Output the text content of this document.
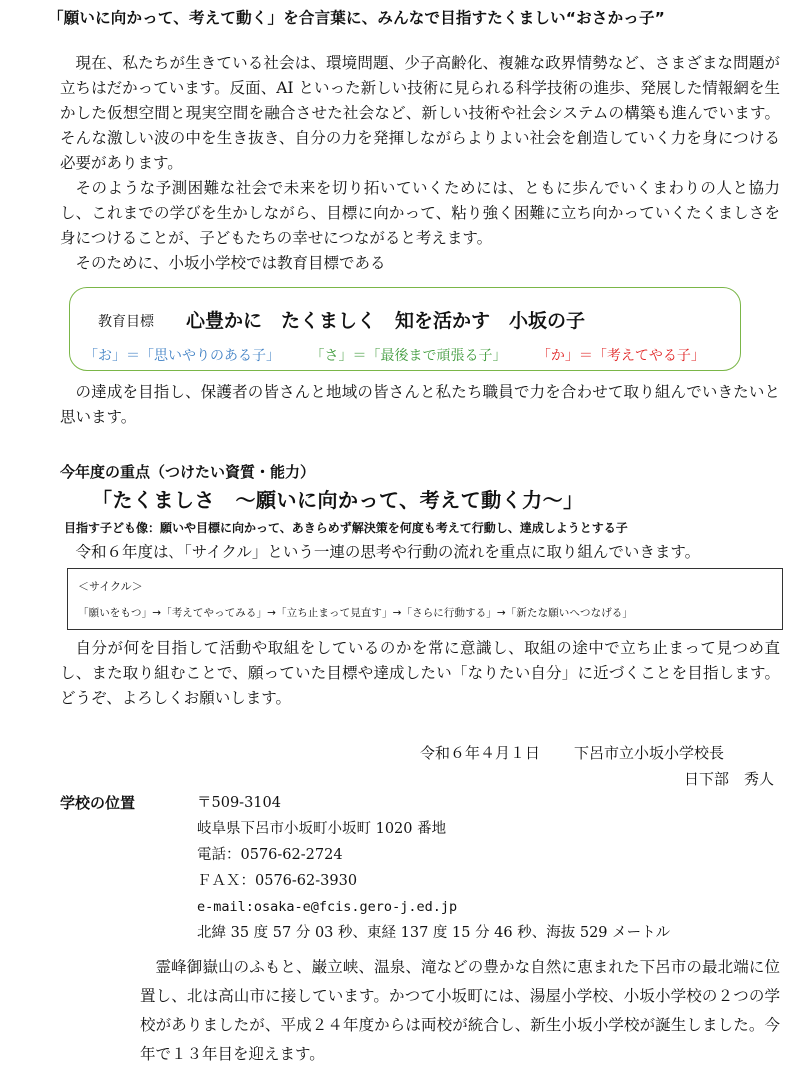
「願いに向かって、考えて動く」を合言葉に、みんなで目指すたくましい“おさかっ子”

現在、私たちが生きている社会は、環境問題、少子高齢化、複雑な政界情勢など、さまざまな問題が立ちはだかっています。反面、AI といった新しい技術に見られる科学技術の進歩、発展した情報網を生かした仮想空間と現実空間を融合させた社会など、新しい技術や社会システムの構築も進んでいます。そんな激しい波の中を生き抜き、自分の力を発揮しながらよりよい社会を創造していく力を身につける必要があります。

そのような予測困難な社会で未来を切り拓いていくためには、ともに歩んでいくまわりの人と協力し、これまでの学びを生かしながら、目標に向かって、粘り強く困難に立ち向かっていくたくましさを身につけることが、子どもたちの幸せにつながると考えます。

そのために、小坂小学校では教育目標である

教育目標 心豊かに　たくましく　知を活かす　小坂の子
「お」＝「思いやりのある子」 「さ」＝「最後まで頑張る子」 「か」＝「考えてやる子」

の達成を目指し、保護者の皆さんと地域の皆さんと私たち職員で力を合わせて取り組んでいきたいと思います。

今年度の重点（つけたい資質・能力）
「たくましさ　～願いに向かって、考えて動く力～」
目指す子ども像：願いや目標に向かって、あきらめず解決策を何度も考えて行動し、達成しようとする子
令和６年度は､「サイクル」という一連の思考や行動の流れを重点に取り組んでいきます。
＜サイクル＞
「願いをもつ」→「考えてやってみる」→「立ち止まって見直す」→「さらに行動する」→「新たな願いへつなげる」

自分が何を目指して活動や取組をしているのかを常に意識し、取組の途中で立ち止まって見つめ直し、また取り組むことで、願っていた目標や達成したい「なりたい自分」に近づくことを目指します。どうぞ、よろしくお願いします。

令和６年４月１日 下呂市立小坂小学校長
日下部　秀人
学校の位置	〒509-3104
岐阜県下呂市小坂町小坂町 1020 番地
電話：0576-62-2724
ＦＡＸ：0576-62-3930
e-mail:osaka-e@fcis.gero-j.ed.jp
北緯 35 度 57 分 03 秒、東経 137 度 15 分 46 秒、海抜 529 メートル

霊峰御嶽山のふもと、巌立峡、温泉、滝などの豊かな自然に恵まれた下呂市の最北端に位置し、北は高山市に接しています。かつて小坂町には、湯屋小学校、小坂小学校の２つの学校がありましたが、平成２４年度からは両校が統合し、新生小坂小学校が誕生しました。今年で１３年目を迎えます。
